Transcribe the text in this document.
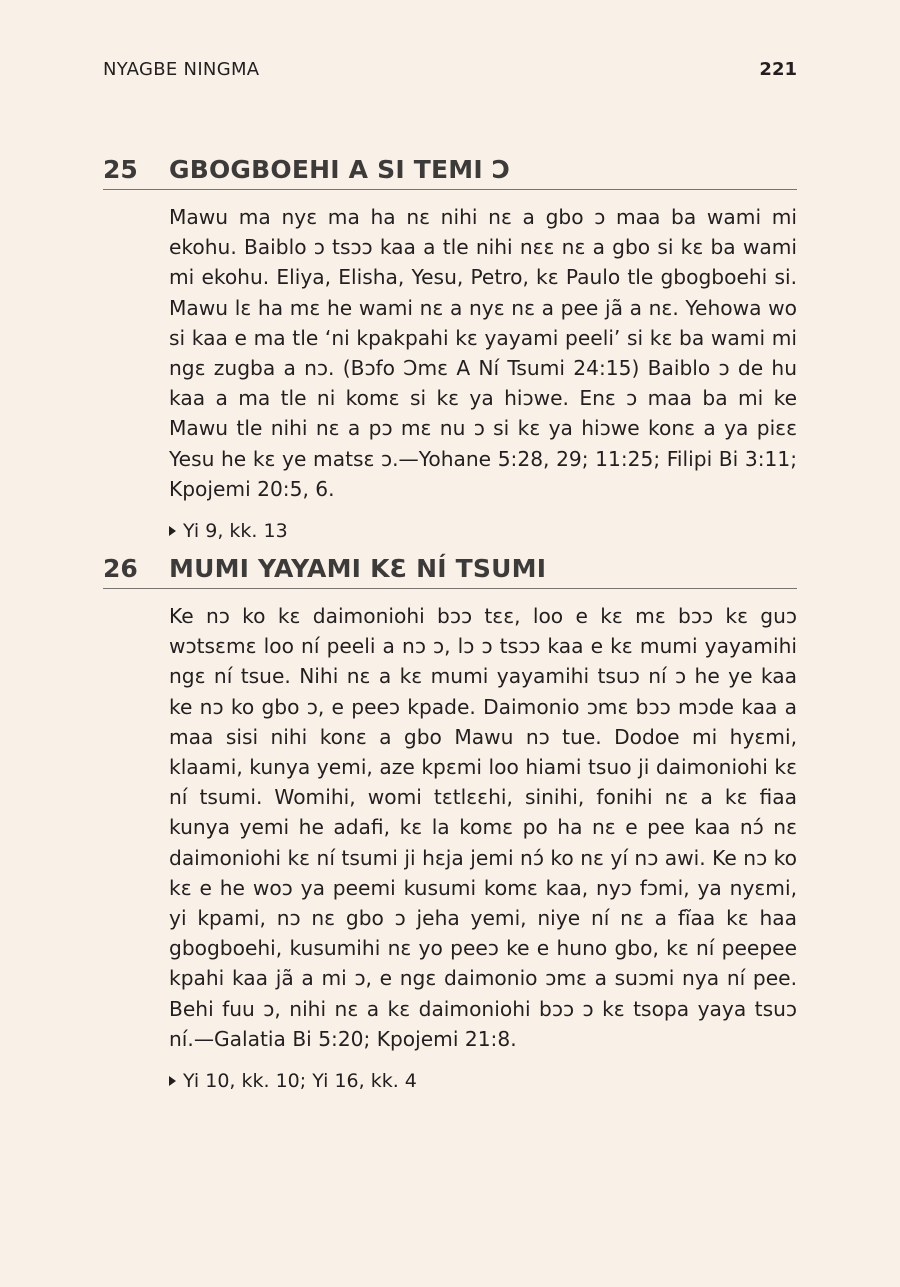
NYAGBE NINGMA	221
25 GBOGBOEHI A SI TEMI Ɔ

Mawu ma nyɛ ma ha nɛ nihi nɛ a gbo ɔ maa ba wami mi ekohu. Baiblo ɔ tsɔɔ kaa a tle nihi nɛɛ nɛ a gbo si kɛ ba wami mi ekohu. Eliya, Elisha, Yesu, Petro, kɛ Paulo tle gbogboehi si. Mawu lɛ ha mɛ he wami nɛ a nyɛ nɛ a pee jã a nɛ. Yehowa wo si kaa e ma tle ‘ni kpakpahi kɛ yayami peeli’ si kɛ ba wami mi ngɛ zugba a nɔ. (Bɔfo Ɔmɛ A Ní Tsumi 24:15) Baiblo ɔ de hu kaa a ma tle ni komɛ si kɛ ya hiɔwe. Enɛ ɔ maa ba mi ke Mawu tle nihi nɛ a pɔ mɛ nu ɔ si kɛ ya hiɔwe konɛ a ya piɛɛ Yesu he kɛ ye matsɛ ɔ.—Yohane 5:28, 29; 11:25; Filipi Bi 3:11; Kpojemi 20:5, 6.

Yi 9, kk. 13
26 MUMI YAYAMI KƐ NÍ TSUMI

Ke nɔ ko kɛ daimoniohi bɔɔ tɛɛ, loo e kɛ mɛ bɔɔ kɛ guɔ wɔtsɛmɛ loo ní peeli a nɔ ɔ, lɔ ɔ tsɔɔ kaa e kɛ mumi yayamihi ngɛ ní tsue. Nihi nɛ a kɛ mumi yayamihi tsuɔ ní ɔ he ye kaa ke nɔ ko gbo ɔ, e peeɔ kpade. Daimonio ɔmɛ bɔɔ mɔde kaa a maa sisi nihi konɛ a gbo Mawu nɔ tue. Dodoe mi hyɛmi, klaami, kunya yemi, aze kpɛmi loo hiami tsuo ji daimoniohi kɛ ní tsumi. Womihi, womi tɛtlɛɛhi, sinihi, fonihi nɛ a kɛ fiaa kunya yemi he adafi, kɛ la komɛ po ha nɛ e pee kaa nɔ́ nɛ daimoniohi kɛ ní tsumi ji hɛja jemi nɔ́ ko nɛ yí nɔ awi. Ke nɔ ko kɛ e he woɔ ya peemi kusumi komɛ kaa, nyɔ fɔmi, ya nyɛmi, yi kpami, nɔ nɛ gbo ɔ jeha yemi, niye ní nɛ a fĩaa kɛ haa gbogboehi, kusumihi nɛ yo peeɔ ke e huno gbo, kɛ ní peepee kpahi kaa jã a mi ɔ, e ngɛ daimonio ɔmɛ a suɔmi nya ní pee. Behi fuu ɔ, nihi nɛ a kɛ daimoniohi bɔɔ ɔ kɛ tsopa yaya tsuɔ ní.—Galatia Bi 5:20; Kpojemi 21:8.

Yi 10, kk. 10; Yi 16, kk. 4
